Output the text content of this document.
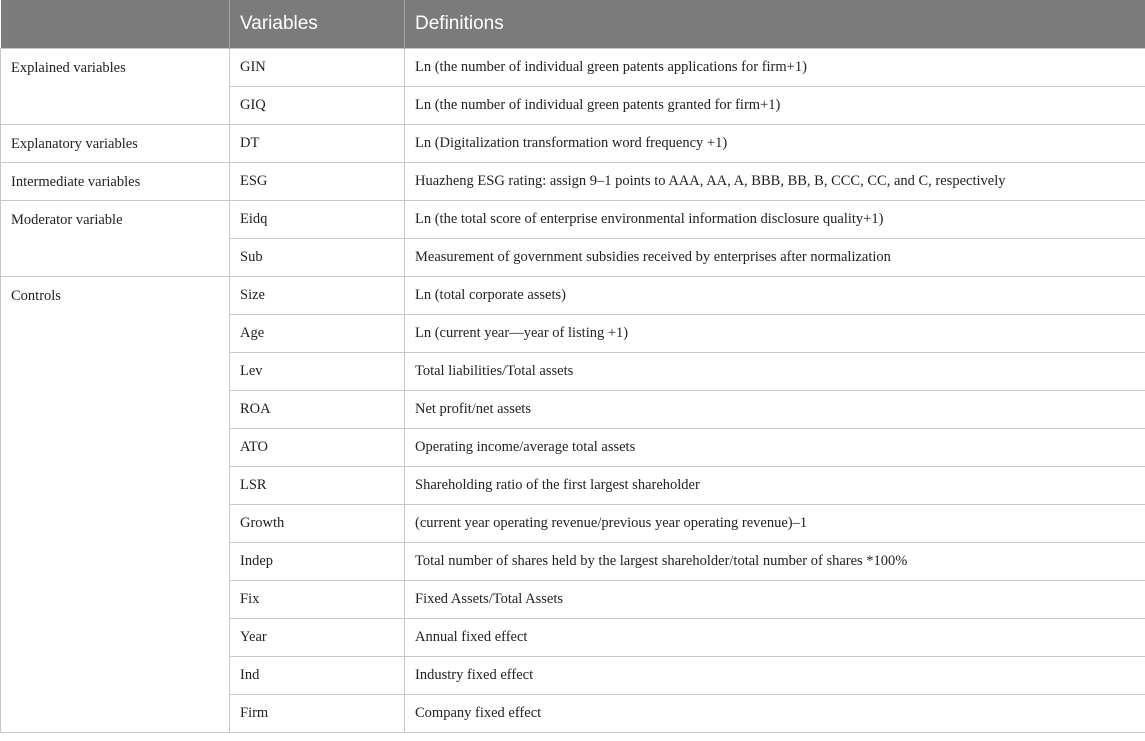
	Variables	Definitions
Explained variables	GIN	Ln (the number of individual green patents applications for firm+1)
	GIQ	Ln (the number of individual green patents granted for firm+1)
Explanatory variables	DT	Ln (Digitalization transformation word frequency +1)
Intermediate variables	ESG	Huazheng ESG rating: assign 9–1 points to AAA, AA, A, BBB, BB, B, CCC, CC, and C, respectively
Moderator variable	Eidq	Ln (the total score of enterprise environmental information disclosure quality+1)
	Sub	Measurement of government subsidies received by enterprises after normalization
Controls	Size	Ln (total corporate assets)
	Age	Ln (current year—year of listing +1)
	Lev	Total liabilities/Total assets
	ROA	Net profit/net assets
	ATO	Operating income/average total assets
	LSR	Shareholding ratio of the first largest shareholder
	Growth	(current year operating revenue/previous year operating revenue)–1
	Indep	Total number of shares held by the largest shareholder/total number of shares *100%
	Fix	Fixed Assets/Total Assets
	Year	Annual fixed effect
	Ind	Industry fixed effect
	Firm	Company fixed effect
